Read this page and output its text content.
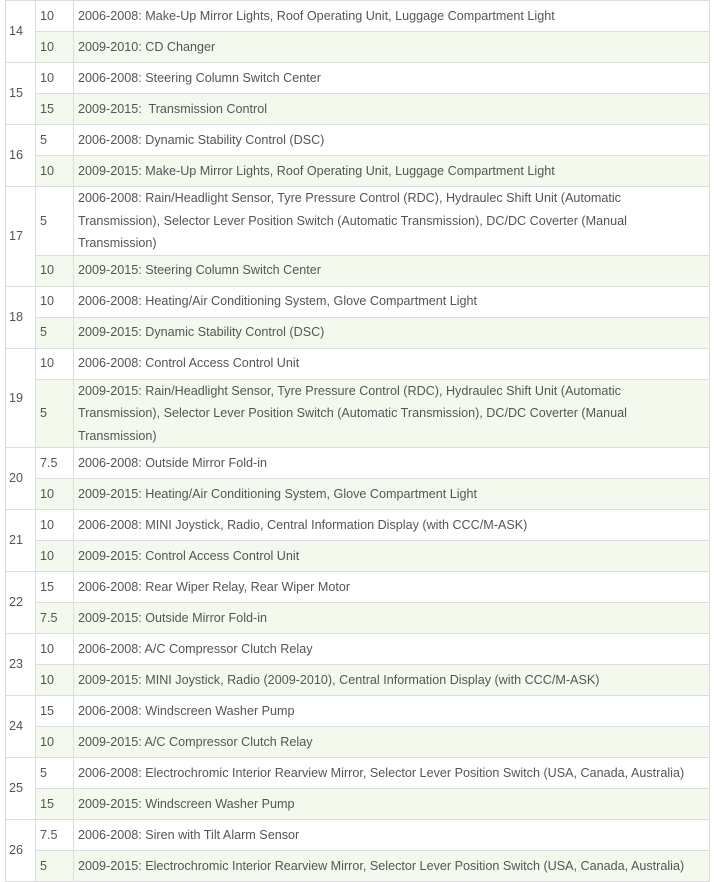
14	10	2006-2008: Make-Up Mirror Lights, Roof Operating Unit, Luggage Compartment Light
	10	2009-2010: CD Changer
15	10	2006-2008: Steering Column Switch Center
	15	2009-2015:  Transmission Control
16	5	2006-2008: Dynamic Stability Control (DSC)
	10	2009-2015: Make-Up Mirror Lights, Roof Operating Unit, Luggage Compartment Light
17	5	2006-2008: Rain/Headlight Sensor, Tyre Pressure Control (RDC), Hydraulec Shift Unit (Automatic Transmission), Selector Lever Position Switch (Automatic Transmission), DC/DC Coverter (Manual Transmission)
	10	2009-2015: Steering Column Switch Center
18	10	2006-2008: Heating/Air Conditioning System, Glove Compartment Light
	5	2009-2015: Dynamic Stability Control (DSC)
19	10	2006-2008: Control Access Control Unit
	5	2009-2015: Rain/Headlight Sensor, Tyre Pressure Control (RDC), Hydraulec Shift Unit (Automatic Transmission), Selector Lever Position Switch (Automatic Transmission), DC/DC Coverter (Manual Transmission)
20	7.5	2006-2008: Outside Mirror Fold-in
	10	2009-2015: Heating/Air Conditioning System, Glove Compartment Light
21	10	2006-2008: MINI Joystick, Radio, Central Information Display (with CCC/M-ASK)
	10	2009-2015: Control Access Control Unit
22	15	2006-2008: Rear Wiper Relay, Rear Wiper Motor
	7.5	2009-2015: Outside Mirror Fold-in
23	10	2006-2008: A/C Compressor Clutch Relay
	10	2009-2015: MINI Joystick, Radio (2009-2010), Central Information Display (with CCC/M-ASK)
24	15	2006-2008: Windscreen Washer Pump
	10	2009-2015: A/C Compressor Clutch Relay
25	5	2006-2008: Electrochromic Interior Rearview Mirror, Selector Lever Position Switch (USA, Canada, Australia)
	15	2009-2015: Windscreen Washer Pump
26	7.5	2006-2008: Siren with Tilt Alarm Sensor
	5	2009-2015: Electrochromic Interior Rearview Mirror, Selector Lever Position Switch (USA, Canada, Australia)
